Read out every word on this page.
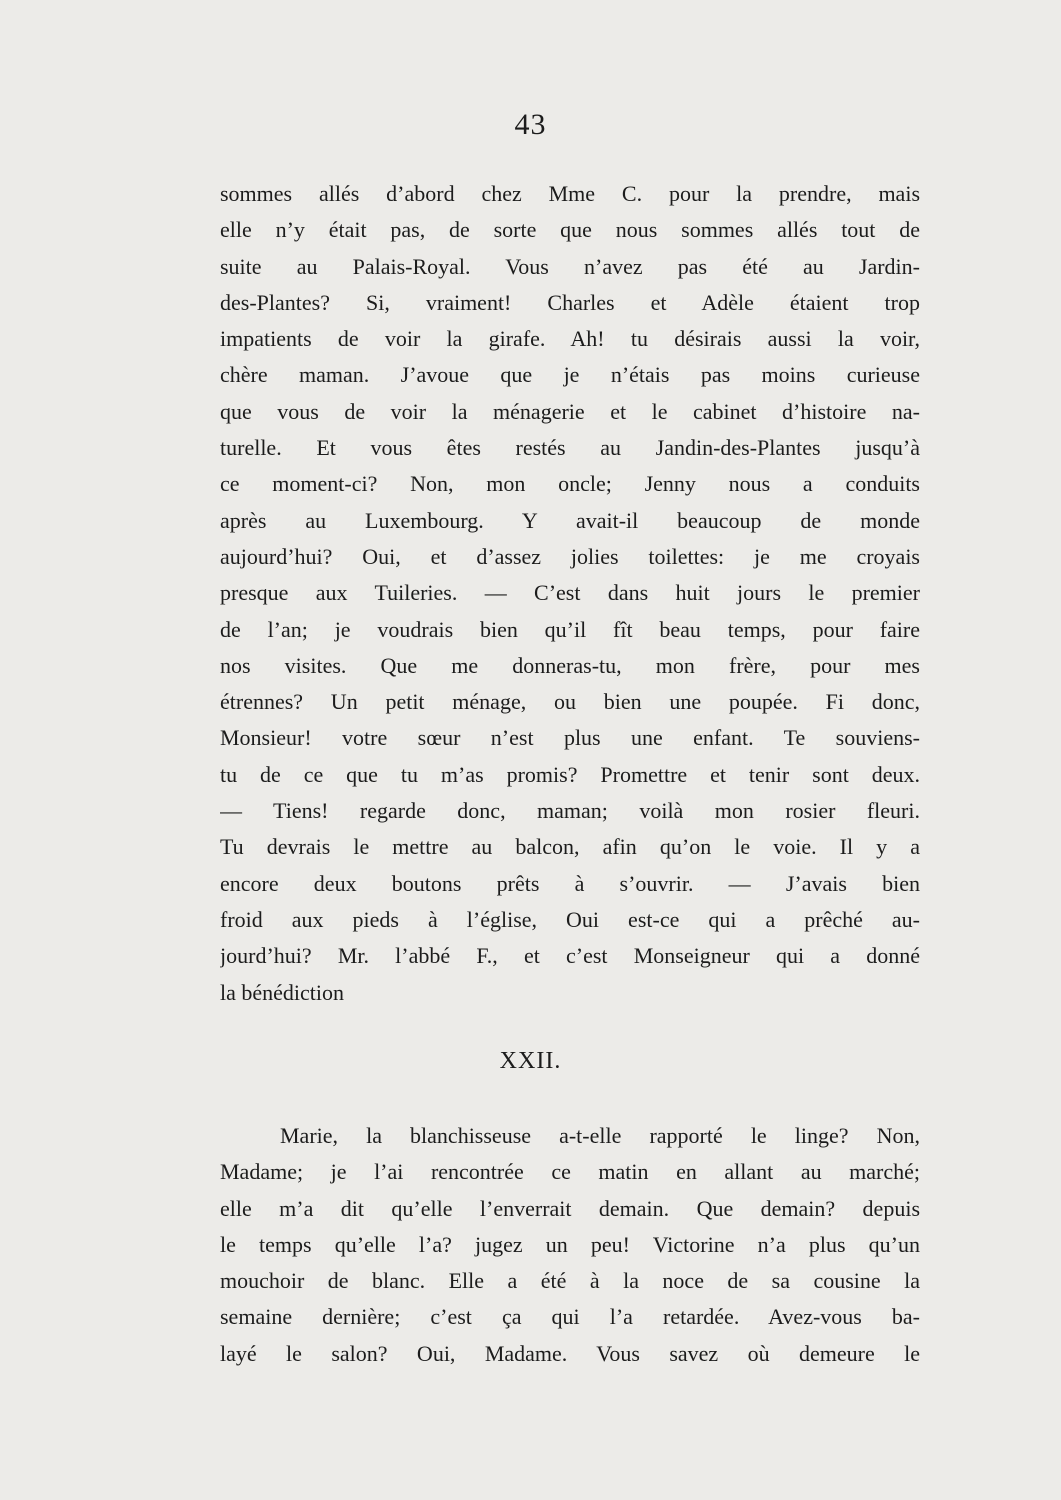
43
sommes allés d’abord chez Mme C. pour la prendre, mais
elle n’y était pas, de sorte que nous sommes allés tout de
suite au Palais-Royal. Vous n’avez pas été au Jardin-
des-Plantes? Si, vraiment! Charles et Adèle étaient trop
impatients de voir la girafe. Ah! tu désirais aussi la voir,
chère maman. J’avoue que je n’étais pas moins curieuse
que vous de voir la ménagerie et le cabinet d’histoire na-
turelle. Et vous êtes restés au Jandin-des-Plantes jusqu’à
ce moment-ci? Non, mon oncle; Jenny nous a conduits
après au Luxembourg. Y avait-il beaucoup de monde
aujourd’hui? Oui, et d’assez jolies toilettes: je me croyais
presque aux Tuileries. — C’est dans huit jours le premier
de l’an; je voudrais bien qu’il fît beau temps, pour faire
nos visites. Que me donneras-tu, mon frère, pour mes
étrennes? Un petit ménage, ou bien une poupée. Fi donc,
Monsieur! votre sœur n’est plus une enfant. Te souviens-
tu de ce que tu m’as promis? Promettre et tenir sont deux.
— Tiens! regarde donc, maman; voilà mon rosier fleuri.
Tu devrais le mettre au balcon, afin qu’on le voie. Il y a
encore deux boutons prêts à s’ouvrir. — J’avais bien
froid aux pieds à l’église, Oui est-ce qui a prêché au-
jourd’hui? Mr. l’abbé F., et c’est Monseigneur qui a donné
la bénédiction
XXII.
Marie, la blanchisseuse a-t-elle rapporté le linge? Non,
Madame; je l’ai rencontrée ce matin en allant au marché;
elle m’a dit qu’elle l’enverrait demain. Que demain? depuis
le temps qu’elle l’a? jugez un peu! Victorine n’a plus qu’un
mouchoir de blanc. Elle a été à la noce de sa cousine la
semaine dernière; c’est ça qui l’a retardée. Avez-vous ba-
layé le salon? Oui, Madame. Vous savez où demeure le
